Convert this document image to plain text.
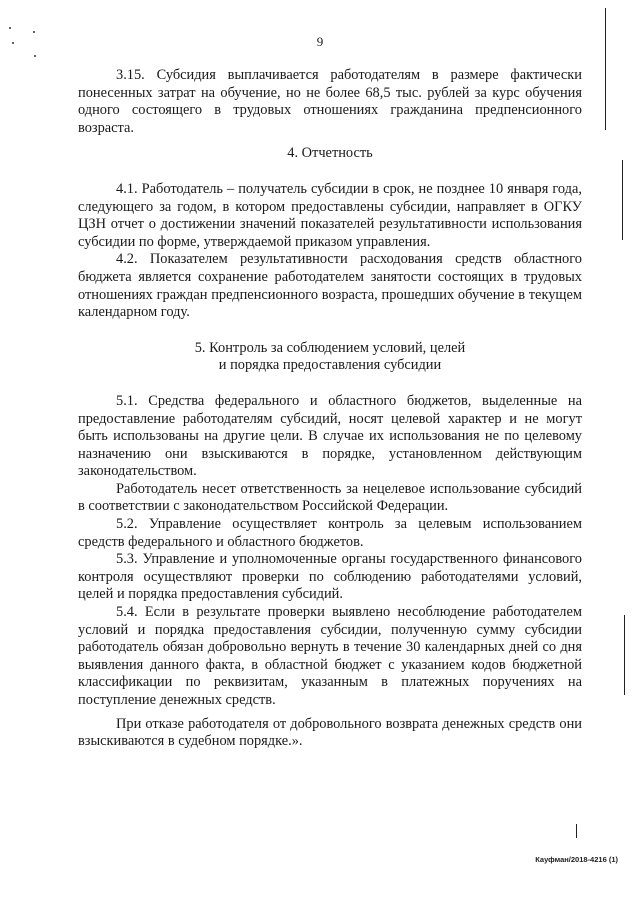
9

3.15. Субсидия выплачивается работодателям в размере фактически понесенных затрат на обучение, но не более 68,5 тыс. рублей за курс обучения одного состоящего в трудовых отношениях гражданина предпенсионного возраста.

4. Отчетность

4.1. Работодатель – получатель субсидии в срок, не позднее 10 января года, следующего за годом, в котором предоставлены субсидии, направляет в ОГКУ ЦЗН отчет о достижении значений показателей результативности использования субсидии по форме, утверждаемой приказом управления.

4.2. Показателем результативности расходования средств областного бюджета является сохранение работодателем занятости состоящих в трудовых отношениях граждан предпенсионного возраста, прошедших обучение в текущем календарном году.

5. Контроль за соблюдением условий, целей

и порядка предоставления субсидии

5.1. Средства федерального и областного бюджетов, выделенные на предоставление работодателям субсидий, носят целевой характер и не могут быть использованы на другие цели. В случае их использования не по целевому назначению они взыскиваются в порядке, установленном действующим законодательством.

Работодатель несет ответственность за нецелевое использование субсидий в соответствии с законодательством Российской Федерации.

5.2. Управление осуществляет контроль за целевым использованием средств федерального и областного бюджетов.

5.3. Управление и уполномоченные органы государственного финансового контроля осуществляют проверки по соблюдению работодателями условий, целей и порядка предоставления субсидий.

5.4. Если в результате проверки выявлено несоблюдение работодателем условий и порядка предоставления субсидии, полученную сумму субсидии работодатель обязан добровольно вернуть в течение 30 календарных дней со дня выявления данного факта, в областной бюджет с указанием кодов бюджетной классификации по реквизитам, указанным в платежных поручениях на поступление денежных средств.

При отказе работодателя от добровольного возврата денежных средств они взыскиваются в судебном порядке.».

Кауфман/2018-4216 (1)
